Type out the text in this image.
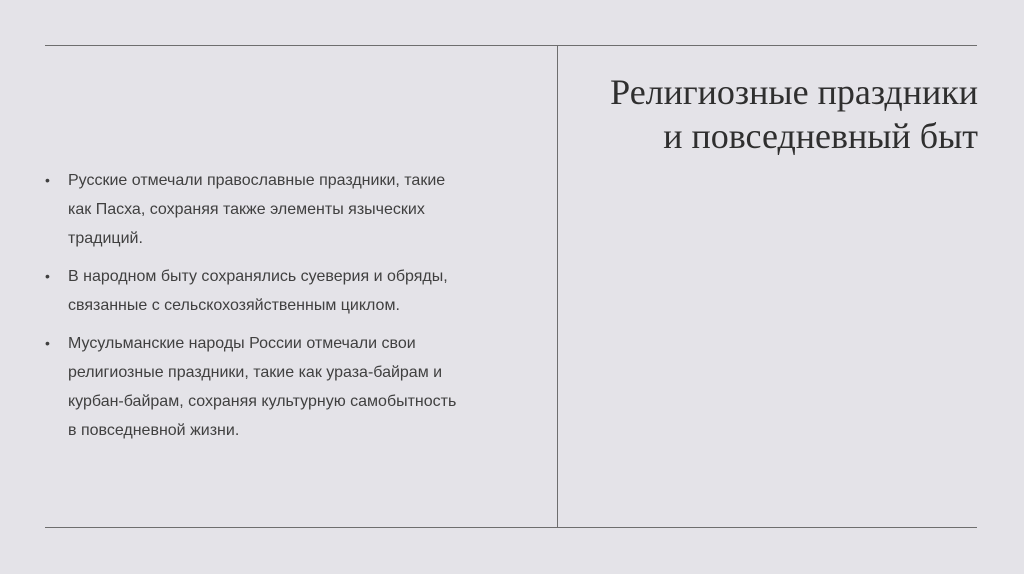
•	Русские отмечали православные праздники, такие как Пасха, сохраняя также элементы языческих традиций.
•	В народном быту сохранялись суеверия и обряды, связанные с сельскохозяйственным циклом.
•	Мусульманские народы России отмечали свои религиозные праздники, такие как ураза-байрам и курбан-байрам, сохраняя культурную самобытность в повседневной жизни.
Религиозные праздники и повседневный быт
